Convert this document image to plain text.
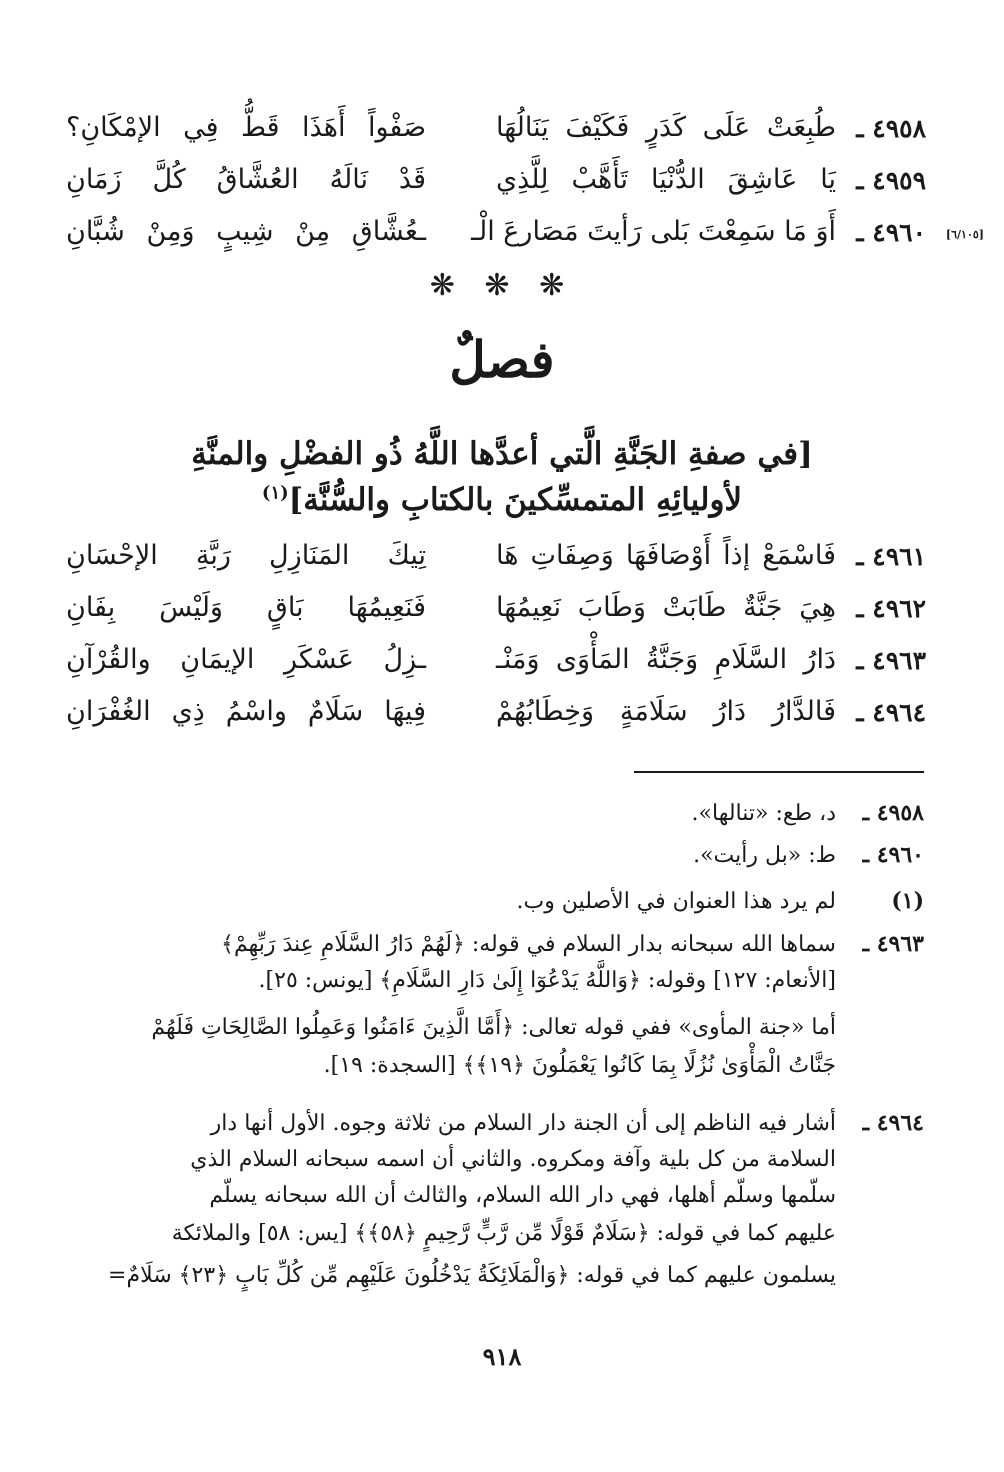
٤٩٥٨ ـ
طُبِعَتْ عَلَى كَدَرٍ فَكَيْفَ يَنَالُهَا
صَفْواً أَهَذَا قَطُّ فِي الإمْكَانِ؟
٤٩٥٩ ـ
يَا عَاشِقَ الدُّنْيَا تَأَهَّبْ لِلَّذِي
قَدْ نَالَهُ العُشَّاقُ كُلَّ زَمَانِ
[٦/١٠٥]
٤٩٦٠ ـ
أَوَ مَا سَمِعْتَ بَلى رَأيتَ مَصَارعَ الْـ
ـعُشَّاقِ مِنْ شِيبٍ وَمِنْ شُبَّانِ
❋ ❋ ❋
فصلٌ
[في صفةِ الجَنَّةِ الَّتي أعدَّها اللَّهُ ذُو الفضْلِ والمنَّةِ
لأوليائِهِ المتمسِّكينَ بالكتابِ والسُّنَّة]$^{(١)}$
٤٩٦١ ـ
فَاسْمَعْ إذاً أَوْصَافَهَا وَصِفَاتِ هَا
تِيكَ المَنَازِلِ رَبَّةِ الإحْسَانِ
٤٩٦٢ ـ
هِيَ جَنَّةٌ طَابَتْ وَطَابَ نَعِيمُهَا
فَنَعِيمُهَا بَاقٍ وَلَيْسَ بِفَانِ
٤٩٦٣ ـ
دَارُ السَّلَامِ وَجَنَّةُ المَأْوَى وَمَنْـ
ـزِلُ عَسْكَرِ الإيمَانِ والقُرْآنِ
٤٩٦٤ ـ
فَالدَّارُ دَارُ سَلَامَةٍ وَخِطَابُهُمْ
فِيهَا سَلَامٌ واسْمُ ذِي الغُفْرَانِ
٤٩٥٨ ـ
د، طع: «تنالها».
٤٩٦٠ ـ
ط: «بل رأيت».
(١)
لم يرد هذا العنوان في الأصلين وب.
٤٩٦٣ ـ
سماها الله سبحانه بدار السلام في قوله: ﴿لَهُمْ دَارُ السَّلَامِ عِندَ رَبِّهِمْ﴾
[الأنعام: ١٢٧] وقوله: ﴿وَاللَّهُ يَدْعُوٓا إِلَىٰ دَارِ السَّلَامِ﴾ [يونس: ٢٥].
أما «جنة المأوى» ففي قوله تعالى: ﴿أَمَّا الَّذِينَ ءَامَنُوا وَعَمِلُوا الصَّالِحَاتِ فَلَهُمْ
جَنَّاتُ الْمَأْوَىٰ نُزُلًا بِمَا كَانُوا يَعْمَلُونَ ﴿١٩﴾﴾ [السجدة: ١٩].
٤٩٦٤ ـ
أشار فيه الناظم إلى أن الجنة دار السلام من ثلاثة وجوه. الأول أنها دار
السلامة من كل بلية وآفة ومكروه. والثاني أن اسمه سبحانه السلام الذي
سلّمها وسلّم أهلها، فهي دار الله السلام، والثالث أن الله سبحانه يسلّم
عليهم كما في قوله: ﴿سَلَامٌ قَوْلًا مِّن رَّبٍّ رَّحِيمٍ ﴿٥٨﴾﴾ [يس: ٥٨] والملائكة
يسلمون عليهم كما في قوله: ﴿وَالْمَلَائِكَةُ يَدْخُلُونَ عَلَيْهِم مِّن كُلِّ بَابٍ ﴿٢٣﴾ سَلَامٌ=
٩١٨
